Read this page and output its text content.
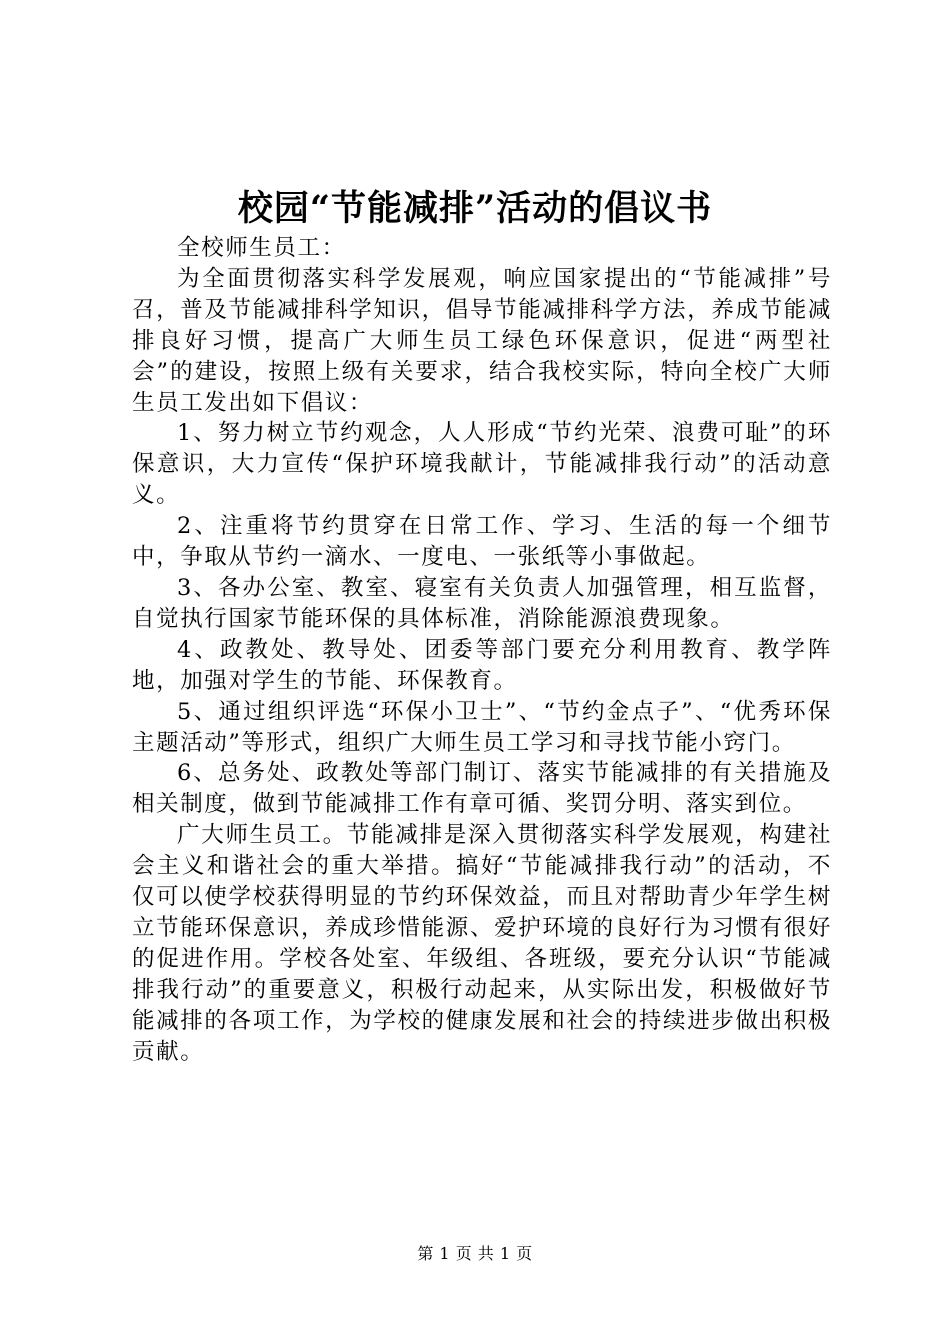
校园“节能减排”活动的倡议书

全校师生员工：

为全面贯彻落实科学发展观，响应国家提出的“节能减排”号召，普及节能减排科学知识，倡导节能减排科学方法，养成节能减排良好习惯，提高广大师生员工绿色环保意识，促进“两型社会”的建设，按照上级有关要求，结合我校实际，特向全校广大师生员工发出如下倡议：

1、努力树立节约观念，人人形成“节约光荣、浪费可耻”的环保意识，大力宣传“保护环境我献计，节能减排我行动”的活动意义。

2、注重将节约贯穿在日常工作、学习、生活的每一个细节中，争取从节约一滴水、一度电、一张纸等小事做起。

3、各办公室、教室、寝室有关负责人加强管理，相互监督，自觉执行国家节能环保的具体标准，消除能源浪费现象。

4、政教处、教导处、团委等部门要充分利用教育、教学阵地，加强对学生的节能、环保教育。

5、通过组织评选“环保小卫士”、“节约金点子”、“优秀环保主题活动”等形式，组织广大师生员工学习和寻找节能小窍门。

6、总务处、政教处等部门制订、落实节能减排的有关措施及相关制度，做到节能减排工作有章可循、奖罚分明、落实到位。

广大师生员工。节能减排是深入贯彻落实科学发展观，构建社会主义和谐社会的重大举措。搞好“节能减排我行动”的活动，不仅可以使学校获得明显的节约环保效益，而且对帮助青少年学生树立节能环保意识，养成珍惜能源、爱护环境的良好行为习惯有很好的促进作用。学校各处室、年级组、各班级，要充分认识“节能减排我行动”的重要意义，积极行动起来，从实际出发，积极做好节能减排的各项工作，为学校的健康发展和社会的持续进步做出积极贡献。

第 1 页 共 1 页
